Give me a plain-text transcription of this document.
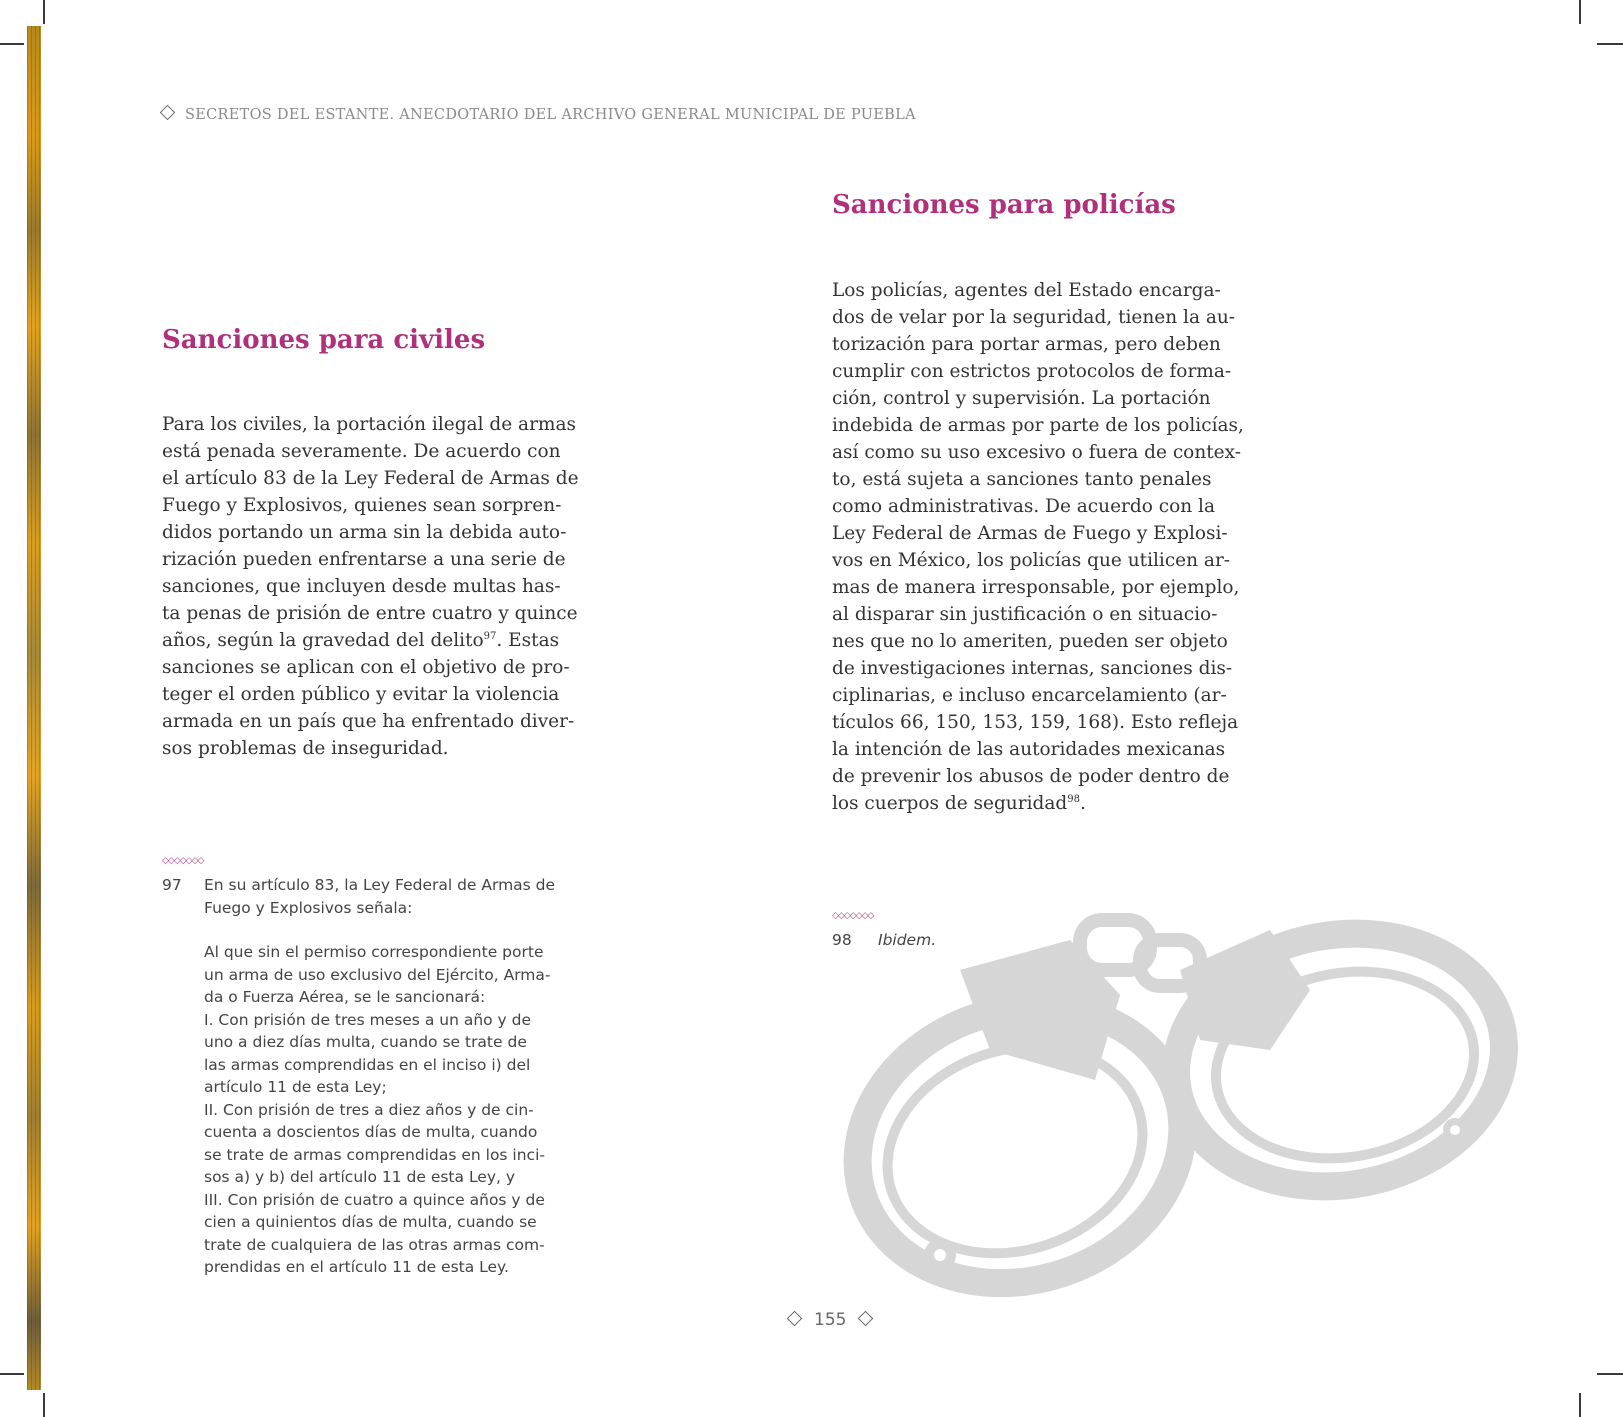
SECRETOS DEL ESTANTE. ANECDOTARIO DEL ARCHIVO GENERAL MUNICIPAL DE PUEBLA
Sanciones para policías
Sanciones para civiles
Para los civiles, la portación ilegal de armas
está penada severamente. De acuerdo con
el artículo 83 de la Ley Federal de Armas de
Fuego y Explosivos, quienes sean sorpren-
didos portando un arma sin la debida auto-
rización pueden enfrentarse a una serie de
sanciones, que incluyen desde multas has-
ta penas de prisión de entre cuatro y quince
años, según la gravedad del delito$^{97}$. Estas
sanciones se aplican con el objetivo de pro-
teger el orden público y evitar la violencia
armada en un país que ha enfrentado diver-
sos problemas de inseguridad.
Los policías, agentes del Estado encarga-
dos de velar por la seguridad, tienen la au-
torización para portar armas, pero deben
cumplir con estrictos protocolos de forma-
ción, control y supervisión. La portación
indebida de armas por parte de los policías,
así como su uso excesivo o fuera de contex-
to, está sujeta a sanciones tanto penales
como administrativas. De acuerdo con la
Ley Federal de Armas de Fuego y Explosi-
vos en México, los policías que utilicen ar-
mas de manera irresponsable, por ejemplo,
al disparar sin justificación o en situacio-
nes que no lo ameriten, pueden ser objeto
de investigaciones internas, sanciones dis-
ciplinarias, e incluso encarcelamiento (ar-
tículos 66, 150, 153, 159, 168). Esto refleja
la intención de las autoridades mexicanas
de prevenir los abusos de poder dentro de
los cuerpos de seguridad$^{98}$.
◇◇◇◇◇◇◇
97 En su artículo 83, la Ley Federal de Armas de
Fuego y Explosivos señala:
Al que sin el permiso correspondiente porte
un arma de uso exclusivo del Ejército, Arma-
da o Fuerza Aérea, se le sancionará:
I. Con prisión de tres meses a un año y de
uno a diez días multa, cuando se trate de
las armas comprendidas en el inciso i) del
artículo 11 de esta Ley;
II. Con prisión de tres a diez años y de cin-
cuenta a doscientos días de multa, cuando
se trate de armas comprendidas en los inci-
sos a) y b) del artículo 11 de esta Ley, y
III. Con prisión de cuatro a quince años y de
cien a quinientos días de multa, cuando se
trate de cualquiera de las otras armas com-
prendidas en el artículo 11 de esta Ley.
◇◇◇◇◇◇◇
98 Ibidem.
155
